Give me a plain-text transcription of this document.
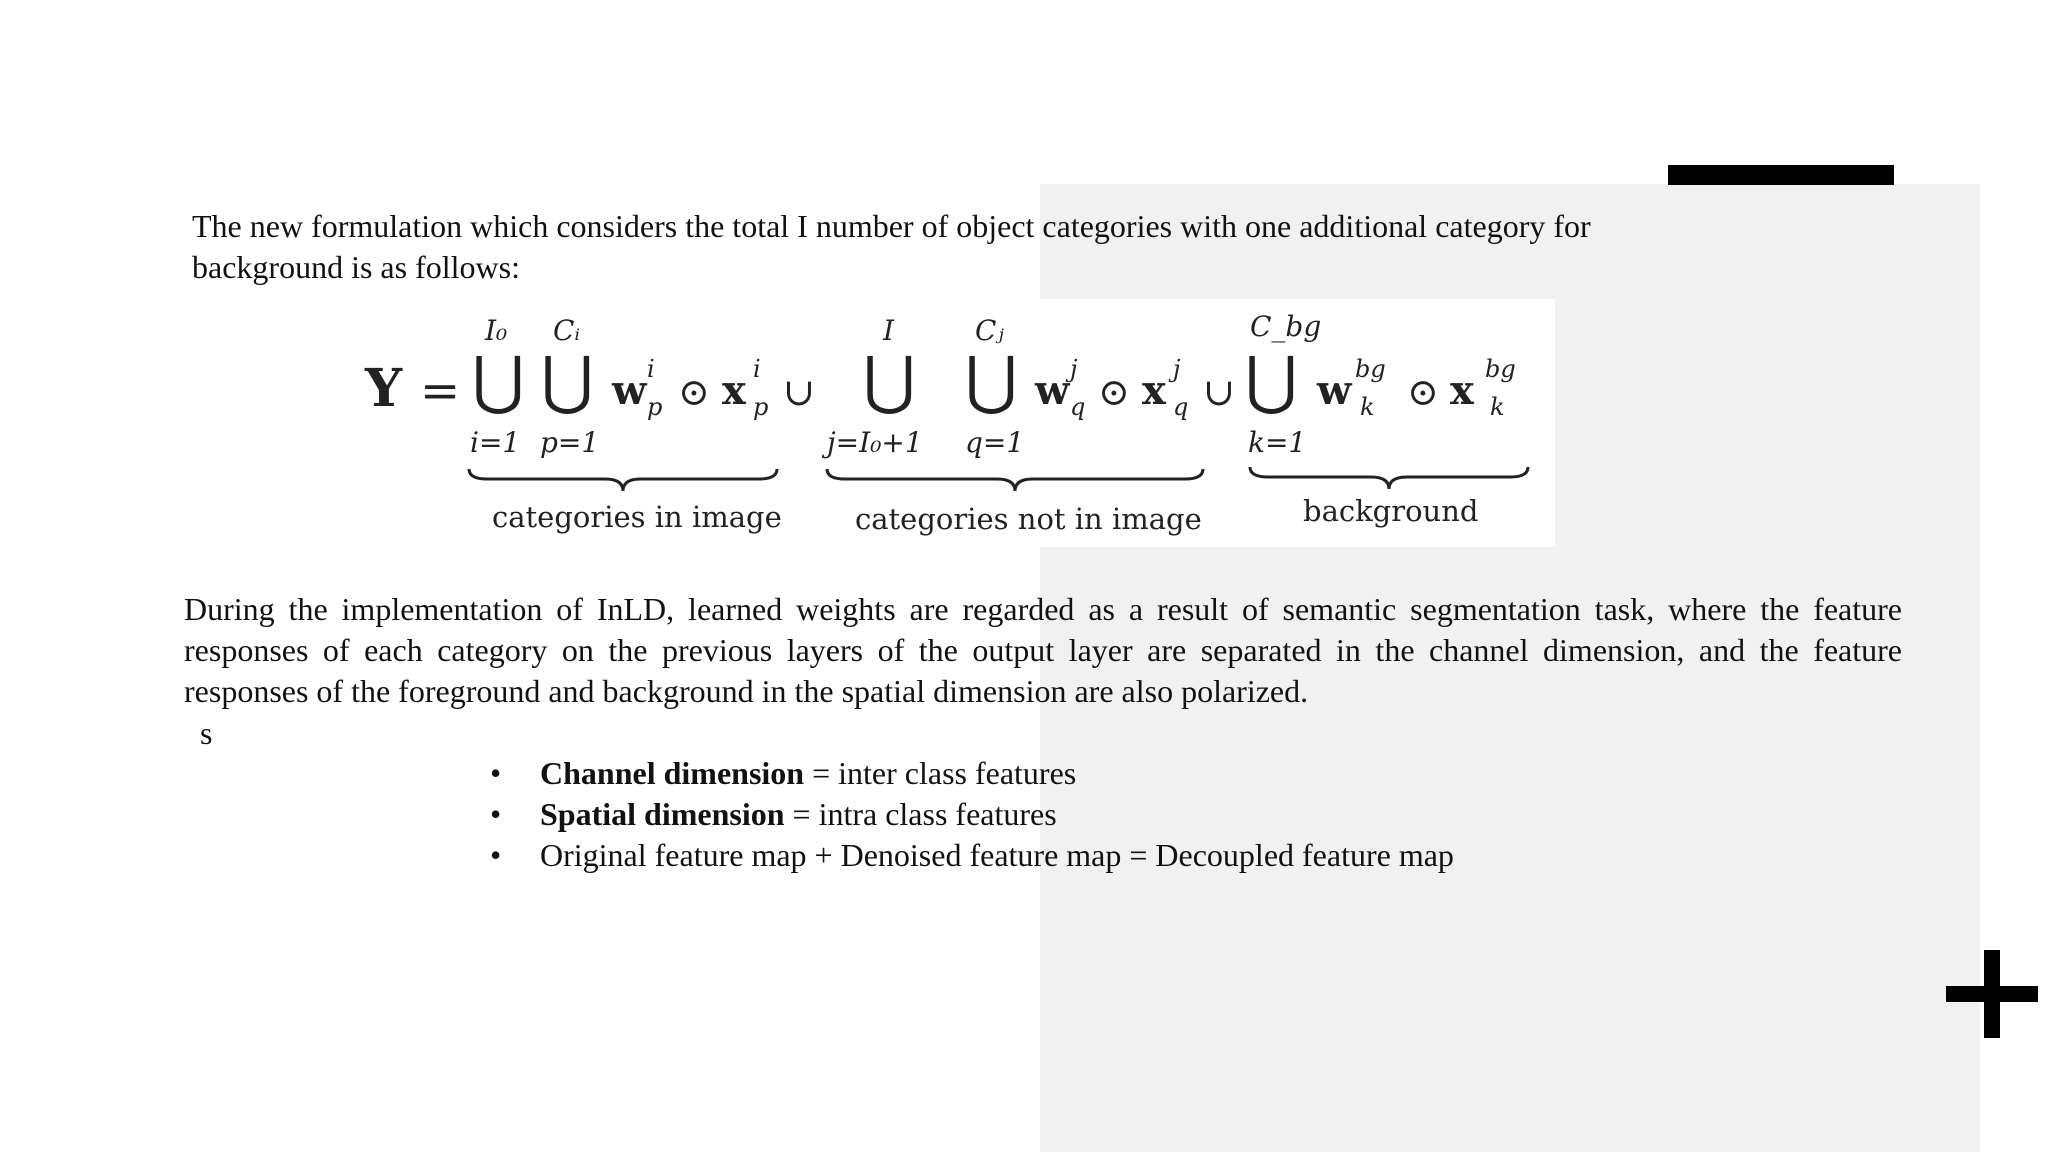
The new formulation which considers the total I number of object categories with one additional category for background is as follows:

Y =
I₀
⋃
i=1
Cᵢ
⋃
p=1
w i
p ⊙ x i
p ∪
I
⋃
j=I₀+1
Cⱼ
⋃
q=1
w j
q ⊙ x j
q ∪
C_bg
⋃
k=1
w bg
k ⊙ x bg
k
categories in image	categories not in image	background

During the implementation of InLD, learned weights are regarded as a result of semantic segmentation task, where the feature responses of each category on the previous layers of the output layer are separated in the channel dimension, and the feature responses of the foreground and background in the spatial dimension are also polarized.

s
• Channel dimension = inter class features
• Spatial dimension = intra class features
• Original feature map + Denoised feature map = Decoupled feature map
